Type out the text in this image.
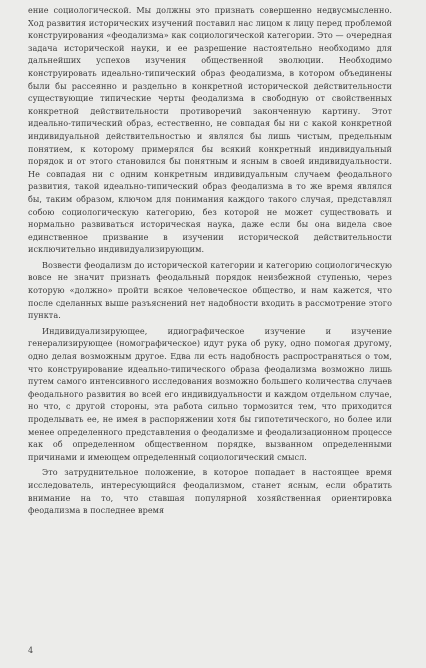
ение социологической. Мы должны это признать совершенно недвусмысленно. Ход развития исторических изучений поставил нас лицом к лицу перед проблемой конструирования «феодализма» как социологической категории. Это — очередная задача исторической науки, и ее разрешение настоятельно необходимо для дальнейших успехов изучения общественной эволюции. Необходимо конструировать идеально-типический образ феодализма, в котором объединены были бы рассеянно и раздельно в конкретной исторической действительности существующие типические черты феодализма в свободную от свойственных конкретной действительности противоречий законченную картину. Этот идеально-типический образ, естественно, не совпадая бы ни с какой конкретной индивидуальной действительностью и являлся бы лишь чистым, предельным понятием, к которому примерялся бы всякий конкретный индивидуальный порядок и от этого становился бы понятным и ясным в своей индивидуальности. Не совпадая ни с одним конкретным индивидуальным случаем феодального развития, такой идеально-типический образ феодализма в то же время являлся бы, таким образом, ключом для понимания каждого такого случая, представлял собою социологическую категорию, без которой не может существовать и нормально развиваться историческая наука, даже если бы она видела свое единственное призвание в изучении исторической действительности исключительно индивидуализирующим.

Возвести феодализм до исторической категории и категорию социологическую вовсе не значит признать феодальный порядок неизбежной ступенью, через которую «должно» пройти всякое человеческое общество, и нам кажется, что после сделанных выше разъяснений нет надобности входить в рассмотрение этого пункта.

Индивидуализирующее, идиографическое изучение и изучение генерализирующее (номографическое) идут рука об руку, одно помогая другому, одно делая возможным другое. Едва ли есть надобность распространяться о том, что конструирование идеально-типического образа феодализма возможно лишь путем самого интенсивного исследования возможно большего количества случаев феодального развития во всей его индивидуальности и каждом отдельном случае, но что, с другой стороны, эта работа сильно тормозится тем, что приходится проделывать ее, не имея в распоряжении хотя бы гипотетического, но более или менее определенного представления о феодализме и феодализационном процессе как об определенном общественном порядке, вызванном определенными причинами и имеющем определенный социологический смысл.

Это затруднительное положение, в которое попадает в настоящее время исследователь, интересующийся феодализмом, станет ясным, если обратить внимание на то, что ставшая популярной хозяйственная ориентировка феодализма в последнее время

4
